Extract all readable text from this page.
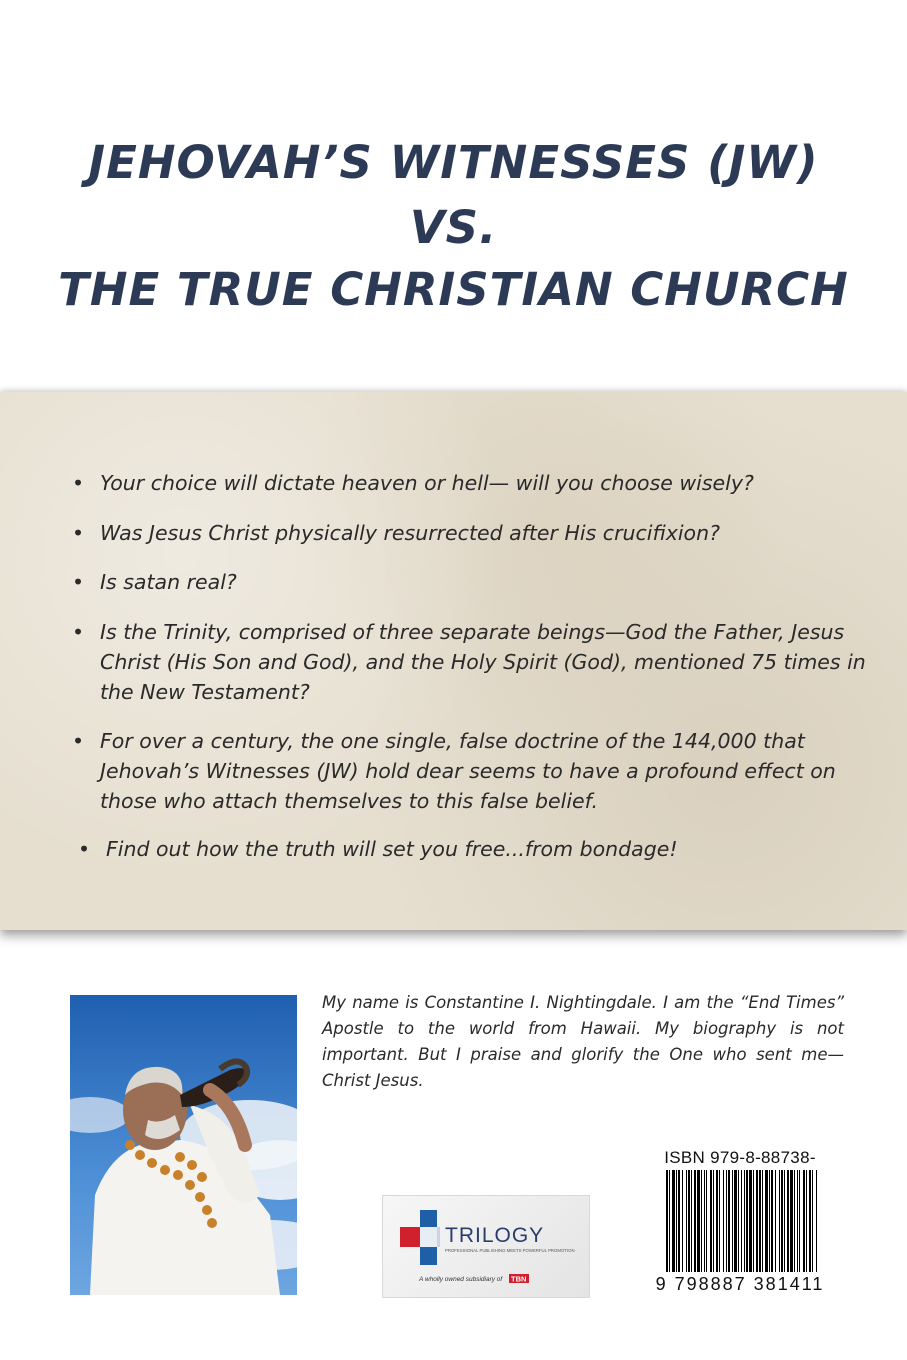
JEHOVAH’S WITNESSES (JW)
VS.
THE TRUE CHRISTIAN CHURCH
• Your choice will dictate heaven or hell— will you choose wisely?
• Was Jesus Christ physically resurrected after His crucifixion?
• Is satan real?
• Is the Trinity, comprised of three separate beings—God the Father, Jesus Christ (His Son and God), and the Holy Spirit (God), mentioned 75 times in the New Testament?
• For over a century, the one single, false doctrine of the 144,000 that Jehovah’s Witnesses (JW) hold dear seems to have a profound effect on those who attach themselves to this false belief.
• Find out how the truth will set you free...from bondage!

My name is Constantine I. Nightingdale. I am the “End Times” Apostle to the world from Hawaii. My biography is not important. But I praise and glorify the One who sent me—Christ Jesus.

TRILOGY
PROFESSIONAL PUBLISHING MEETS POWERFUL PROMOTION
A wholly owned subsidiary of TBN
ISBN 979-8-88738-
9 798887 381411
